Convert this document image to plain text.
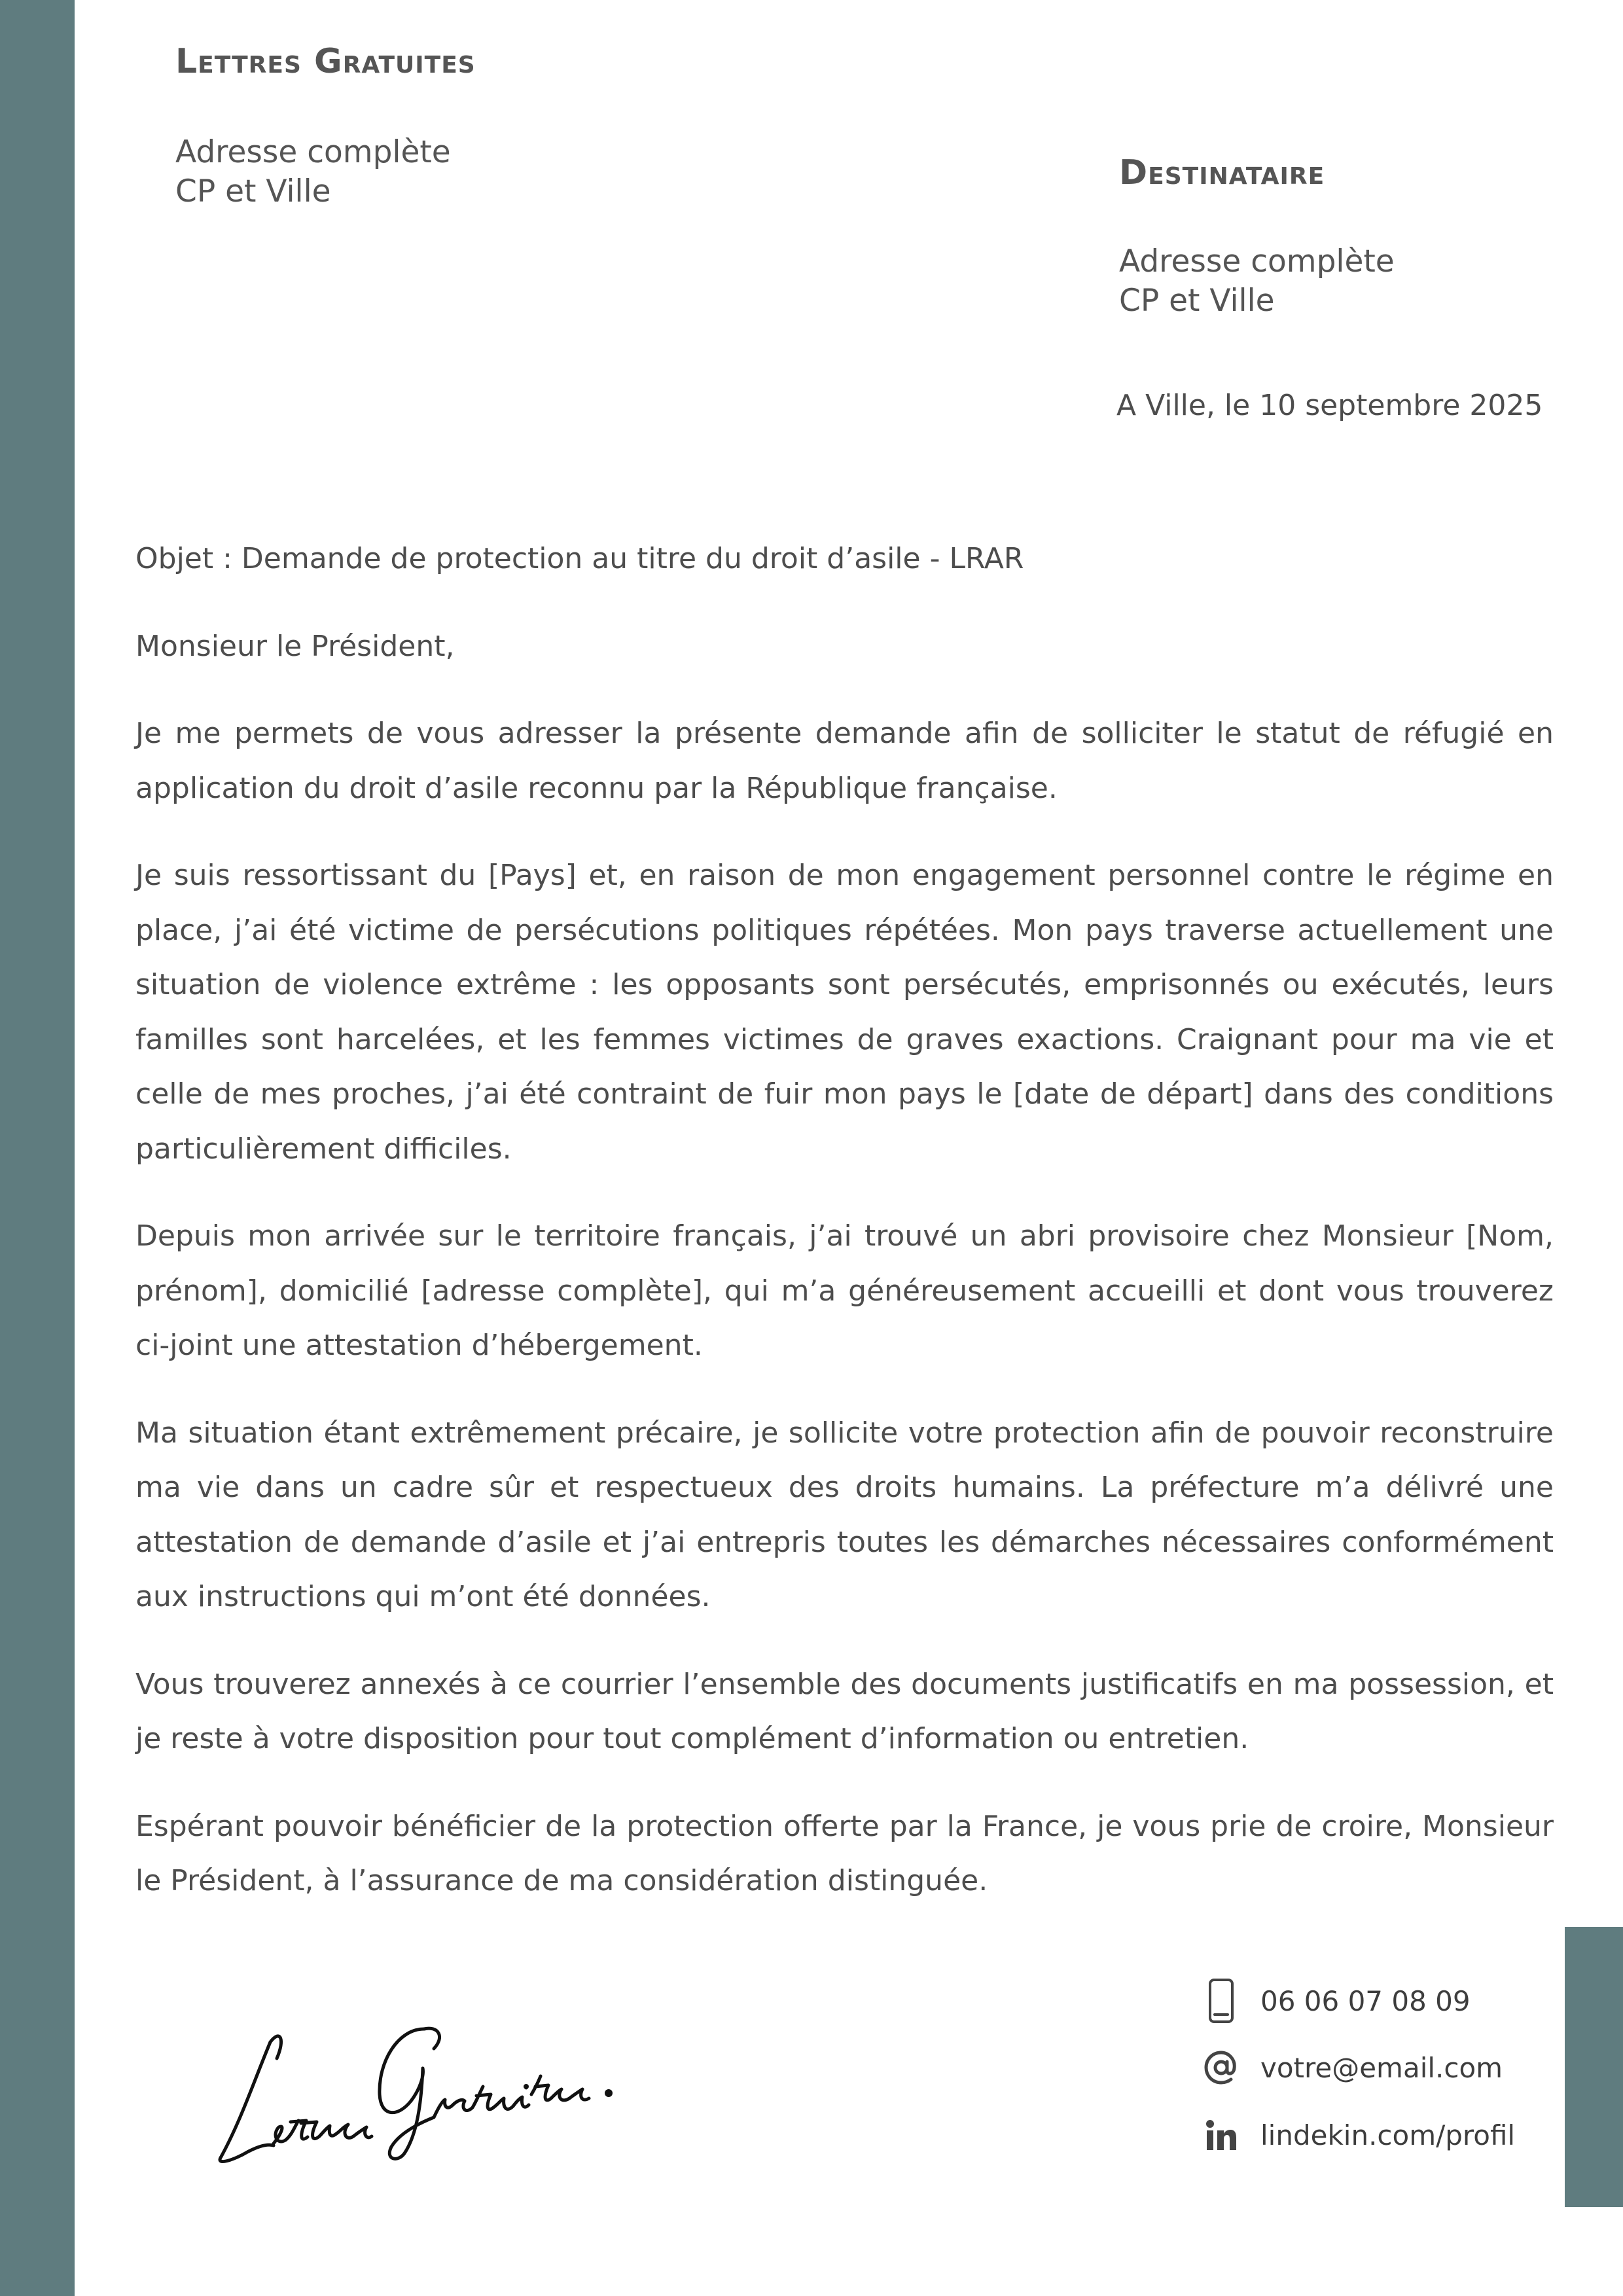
Lettres Gratuites
Adresse complète
CP et Ville	Destinataire
Adresse complète
CP et Ville
A Ville, le 10 septembre 2025

Objet : Demande de protection au titre du droit d’asile - LRAR

Monsieur le Président,

Je me permets de vous adresser la présente demande afin de solliciter le statut de réfugié en application du droit d’asile reconnu par la République française.

Je suis ressortissant du [Pays] et, en raison de mon engagement personnel contre le régime en place, j’ai été victime de persécutions politiques répétées. Mon pays traverse actuellement une situation de violence extrême : les opposants sont persécutés, emprisonnés ou exécutés, leurs familles sont harcelées, et les femmes victimes de graves exactions. Craignant pour ma vie et celle de mes proches, j’ai été contraint de fuir mon pays le [date de départ] dans des conditions particulièrement difficiles.

Depuis mon arrivée sur le territoire français, j’ai trouvé un abri provisoire chez Monsieur [Nom, prénom], domicilié [adresse complète], qui m’a généreusement accueilli et dont vous trouverez ci-joint une attestation d’hébergement.

Ma situation étant extrêmement précaire, je sollicite votre protection afin de pouvoir reconstruire ma vie dans un cadre sûr et respectueux des droits humains. La préfecture m’a délivré une attestation de demande d’asile et j’ai entrepris toutes les démarches nécessaires conformément aux instructions qui m’ont été données.

Vous trouverez annexés à ce courrier l’ensemble des documents justificatifs en ma possession, et je reste à votre disposition pour tout complément d’information ou entretien.

Espérant pouvoir bénéficier de la protection offerte par la France, je vous prie de croire, Monsieur le Président, à l’assurance de ma considération distinguée.

06 06 07 08 09
votre@email.com
lindekin.com/profil
